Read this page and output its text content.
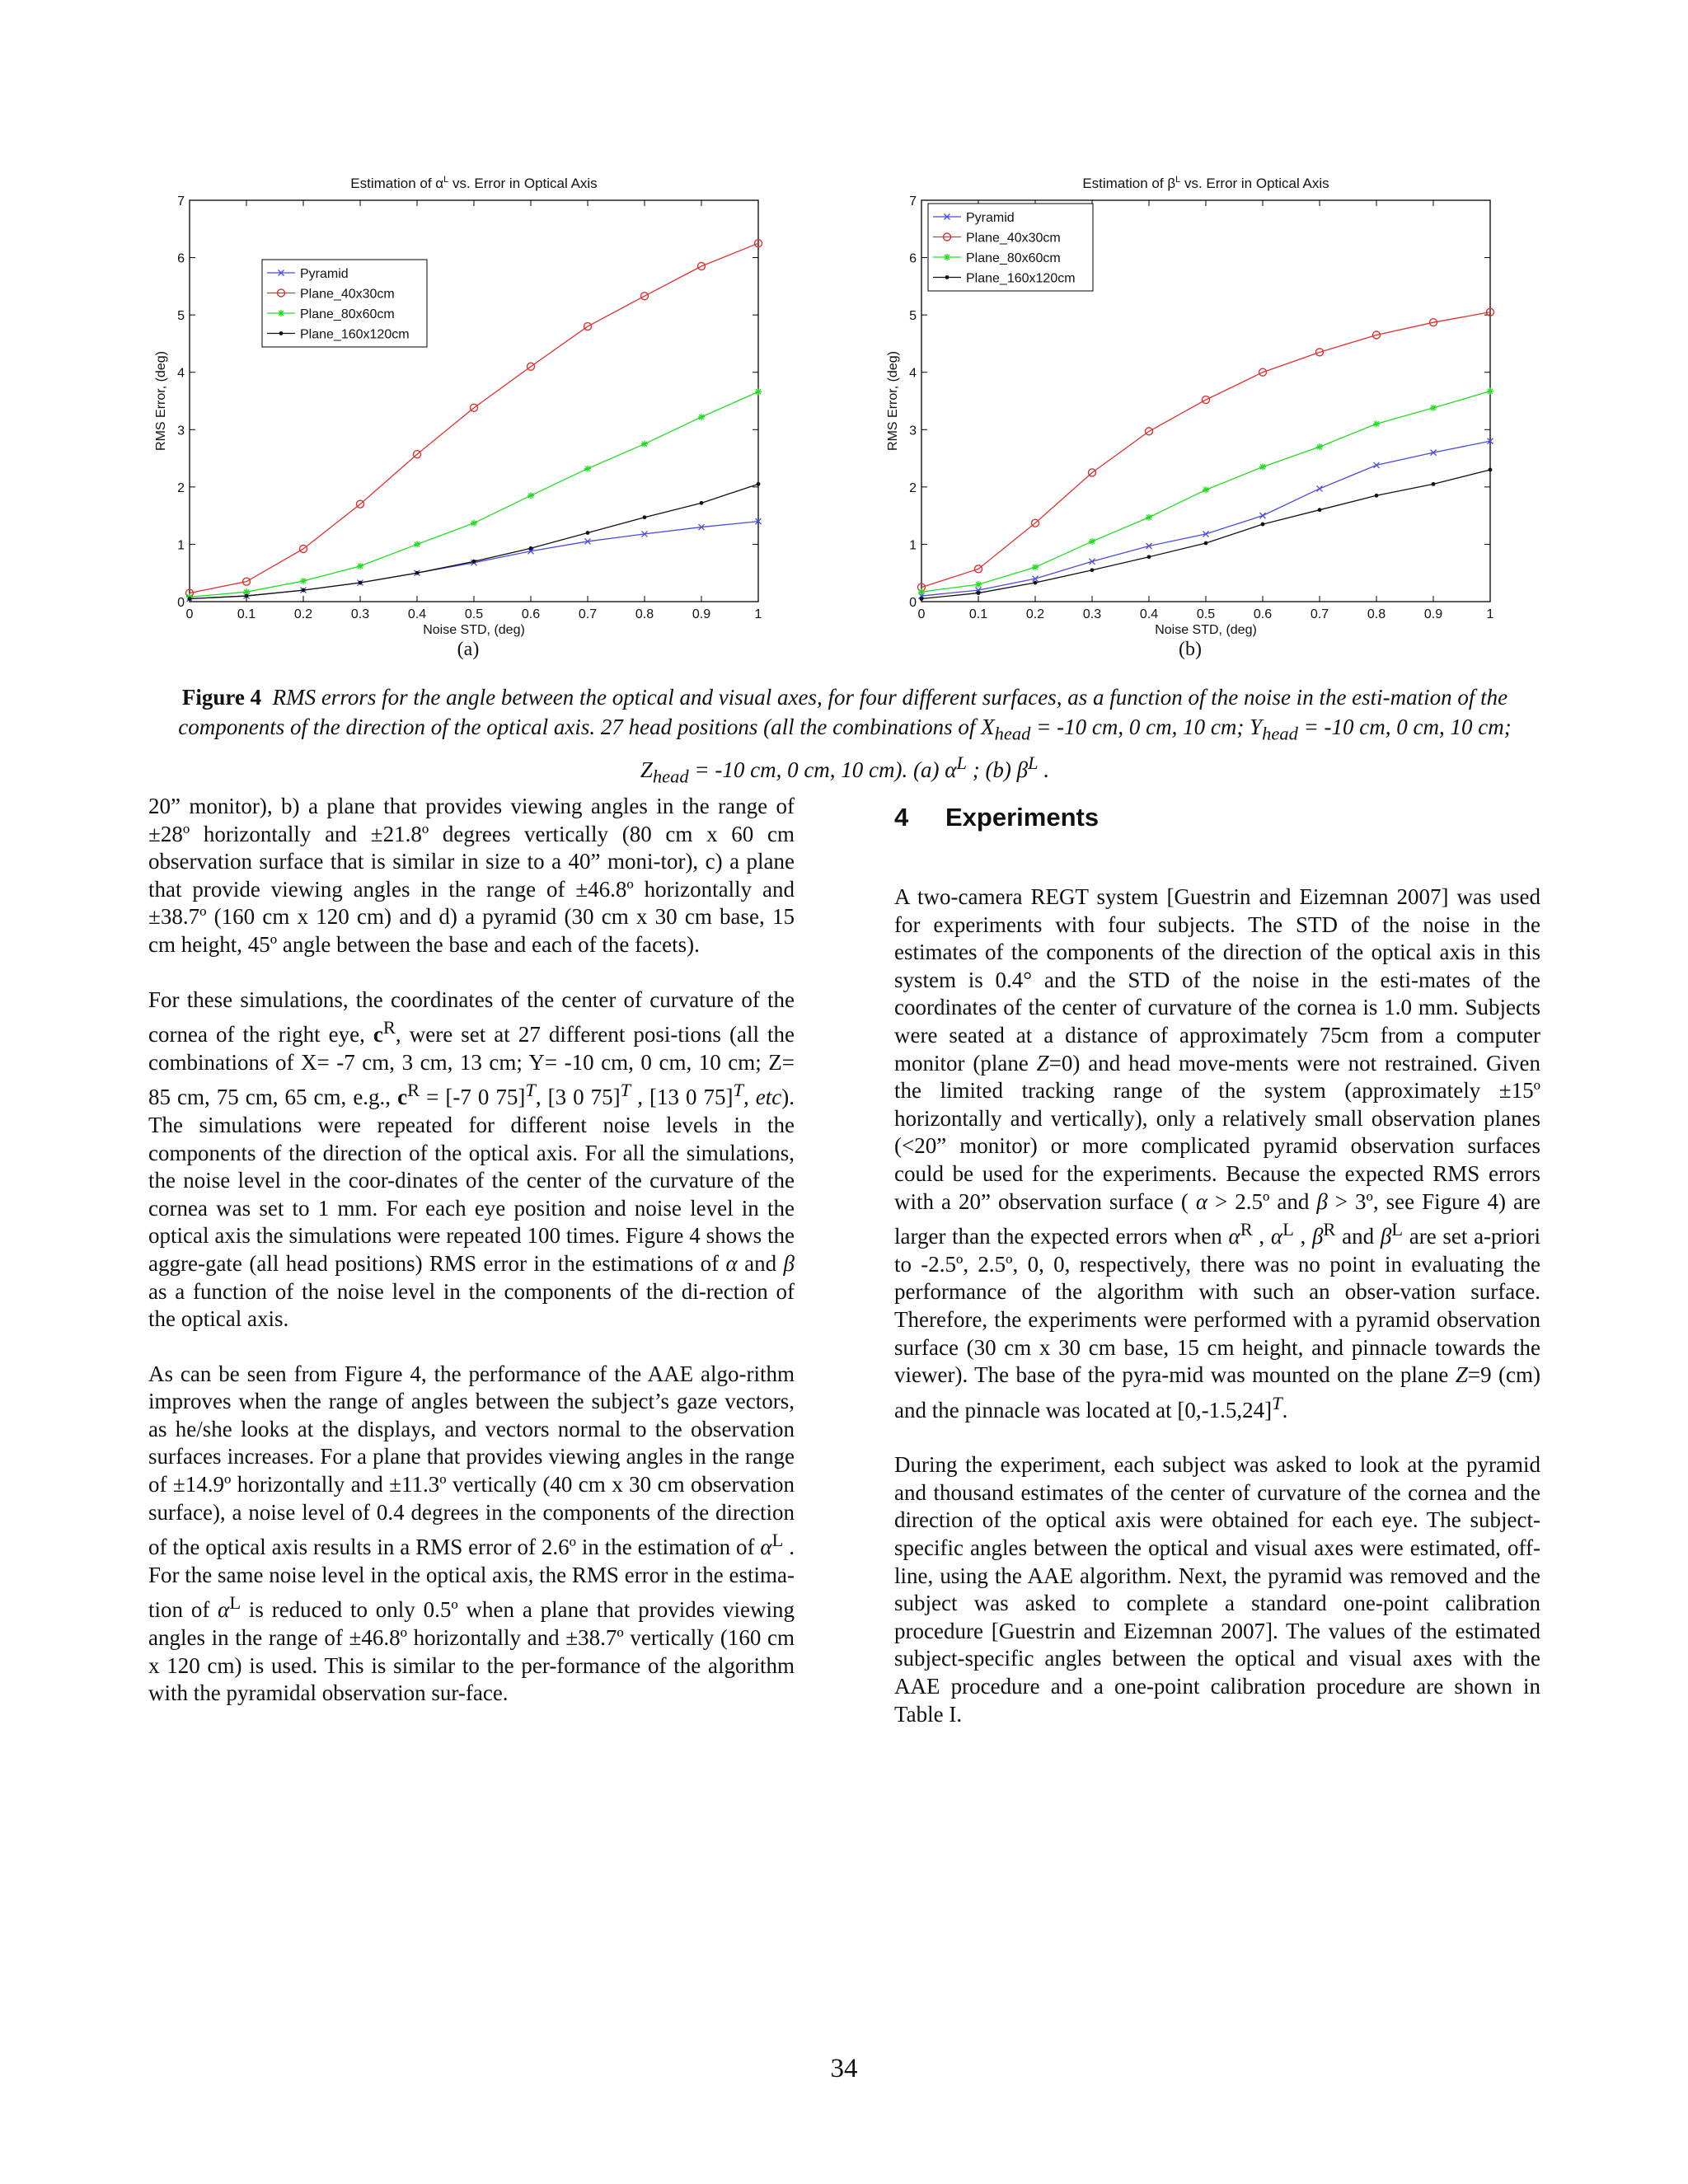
Estimation of $\alpha^L$ vs. Error in Optical Axis
0	0.1	0.2	0.3	0.4	0.5	0.6	0.7	0.8	0.9	1
0
1
2
3
4
5
6
7
Noise STD, (deg)
RMS Error, (deg)
Pyramid
Plane_40x30cm
Plane_80x60cm
Plane_160x120cm
Estimation of $\beta^L$ vs. Error in Optical Axis
0	0.1	0.2	0.3	0.4	0.5	0.6	0.7	0.8	0.9	1
0
1
2
3
4
5
6
7
Noise STD, (deg)
RMS Error, (deg)
Pyramid
Plane_40x30cm
Plane_80x60cm
Plane_160x120cm
(a)	(b)
Figure 4 RMS errors for the angle between the optical and visual axes, for four different surfaces, as a function of the noise in the esti-mation of the components of the direction of the optical axis. 27 head positions (all the combinations of $X_{head} = -10$ cm, 0 cm, 10 cm; $Y_{head} = -10$ cm, 0 cm, 10 cm; $Z_{head} = -10$ cm, 0 cm, 10 cm). (a) $\alpha^L$ ; (b) $\beta^L$ .

20” monitor), b) a plane that provides viewing angles in the range of ±28º horizontally and ±21.8º degrees vertically (80 cm x 60 cm observation surface that is similar in size to a 40” moni-tor), c) a plane that provide viewing angles in the range of ±46.8º horizontally and ±38.7º (160 cm x 120 cm) and d) a pyramid (30 cm x 30 cm base, 15 cm height, 45º angle between the base and each of the facets).

For these simulations, the coordinates of the center of curvature of the cornea of the right eye, $c^R$, were set at 27 different posi-tions (all the combinations of X= -7 cm, 3 cm, 13 cm; Y= -10 cm, 0 cm, 10 cm; Z= 85 cm, 75 cm, 65 cm, e.g., $c^R = [-7$ 0 75]$^T$, [3 0 75]$^T$ , [13 0 75]$^T$, etc). The simulations were repeated for different noise levels in the components of the direction of the optical axis. For all the simulations, the noise level in the coor-dinates of the center of the curvature of the cornea was set to 1 mm. For each eye position and noise level in the optical axis the simulations were repeated 100 times. Figure 4 shows the aggre-gate (all head positions) RMS error in the estimations of α and β as a function of the noise level in the components of the di-rection of the optical axis.

As can be seen from Figure 4, the performance of the AAE algo-rithm improves when the range of angles between the subject’s gaze vectors, as he/she looks at the displays, and vectors normal to the observation surfaces increases. For a plane that provides viewing angles in the range of ±14.9º horizontally and ±11.3º vertically (40 cm x 30 cm observation surface), a noise level of 0.4 degrees in the components of the direction of the optical axis results in a RMS error of 2.6º in the estimation of $\alpha^L$ . For the same noise level in the optical axis, the RMS error in the estima-tion of $\alpha^L$ is reduced to only 0.5º when a plane that provides viewing angles in the range of ±46.8º horizontally and ±38.7º vertically (160 cm x 120 cm) is used. This is similar to the per-formance of the algorithm with the pyramidal observation sur-face.

4 Experiments

A two-camera REGT system [Guestrin and Eizemnan 2007] was used for experiments with four subjects. The STD of the noise in the estimates of the components of the direction of the optical axis in this system is 0.4° and the STD of the noise in the esti-mates of the coordinates of the center of curvature of the cornea is 1.0 mm. Subjects were seated at a distance of approximately 75cm from a computer monitor (plane Z=0) and head move-ments were not restrained. Given the limited tracking range of the system (approximately ±15º horizontally and vertically), only a relatively small observation planes (<20” monitor) or more complicated pyramid observation surfaces could be used for the experiments. Because the expected RMS errors with a 20” observation surface ( α > 2.5º and β > 3º, see Figure 4) are larger than the expected errors when $\alpha^R$ , $\alpha^L$ , $\beta^R$ and $\beta^L$ are set a-priori to -2.5º, 2.5º, 0, 0, respectively, there was no point in evaluating the performance of the algorithm with such an obser-vation surface. Therefore, the experiments were performed with a pyramid observation surface (30 cm x 30 cm base, 15 cm height, and pinnacle towards the viewer). The base of the pyra-mid was mounted on the plane Z=9 (cm) and the pinnacle was located at $[0,-1.5,24]^T$.

During the experiment, each subject was asked to look at the pyramid and thousand estimates of the center of curvature of the cornea and the direction of the optical axis were obtained for each eye. The subject-specific angles between the optical and visual axes were estimated, off-line, using the AAE algorithm. Next, the pyramid was removed and the subject was asked to complete a standard one-point calibration procedure [Guestrin and Eizemnan 2007]. The values of the estimated subject-specific angles between the optical and visual axes with the AAE procedure and a one-point calibration procedure are shown in Table I.

34
